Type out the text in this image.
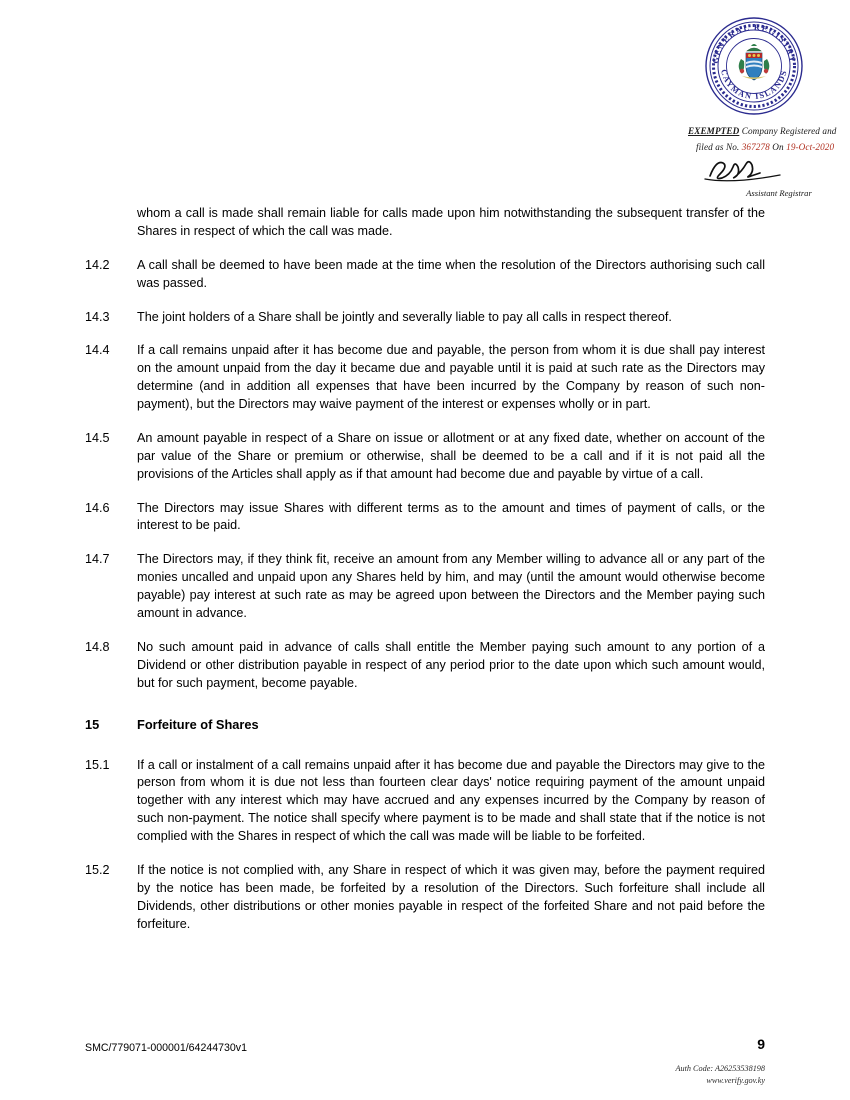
GENERAL REGISTRY
CAYMAN ISLANDS
EXEMPTED Company Registered and
filed as No. 367278 On 19-Oct-2020
Assistant Registrar
whom a call is made shall remain liable for calls made upon him notwithstanding the subsequent transfer of the Shares in respect of which the call was made.
14.2	A call shall be deemed to have been made at the time when the resolution of the Directors authorising such call was passed.
14.3	The joint holders of a Share shall be jointly and severally liable to pay all calls in respect thereof.
14.4	If a call remains unpaid after it has become due and payable, the person from whom it is due shall pay interest on the amount unpaid from the day it became due and payable until it is paid at such rate as the Directors may determine (and in addition all expenses that have been incurred by the Company by reason of such non-payment), but the Directors may waive payment of the interest or expenses wholly or in part.
14.5	An amount payable in respect of a Share on issue or allotment or at any fixed date, whether on account of the par value of the Share or premium or otherwise, shall be deemed to be a call and if it is not paid all the provisions of the Articles shall apply as if that amount had become due and payable by virtue of a call.
14.6	The Directors may issue Shares with different terms as to the amount and times of payment of calls, or the interest to be paid.
14.7	The Directors may, if they think fit, receive an amount from any Member willing to advance all or any part of the monies uncalled and unpaid upon any Shares held by him, and may (until the amount would otherwise become payable) pay interest at such rate as may be agreed upon between the Directors and the Member paying such amount in advance.
14.8	No such amount paid in advance of calls shall entitle the Member paying such amount to any portion of a Dividend or other distribution payable in respect of any period prior to the date upon which such amount would, but for such payment, become payable.
15	Forfeiture of Shares
15.1	If a call or instalment of a call remains unpaid after it has become due and payable the Directors may give to the person from whom it is due not less than fourteen clear days' notice requiring payment of the amount unpaid together with any interest which may have accrued and any expenses incurred by the Company by reason of such non-payment. The notice shall specify where payment is to be made and shall state that if the notice is not complied with the Shares in respect of which the call was made will be liable to be forfeited.
15.2	If the notice is not complied with, any Share in respect of which it was given may, before the payment required by the notice has been made, be forfeited by a resolution of the Directors. Such forfeiture shall include all Dividends, other distributions or other monies payable in respect of the forfeited Share and not paid before the forfeiture.
SMC/779071-000001/64244730v1	9
Auth Code: A26253538198
www.verify.gov.ky
